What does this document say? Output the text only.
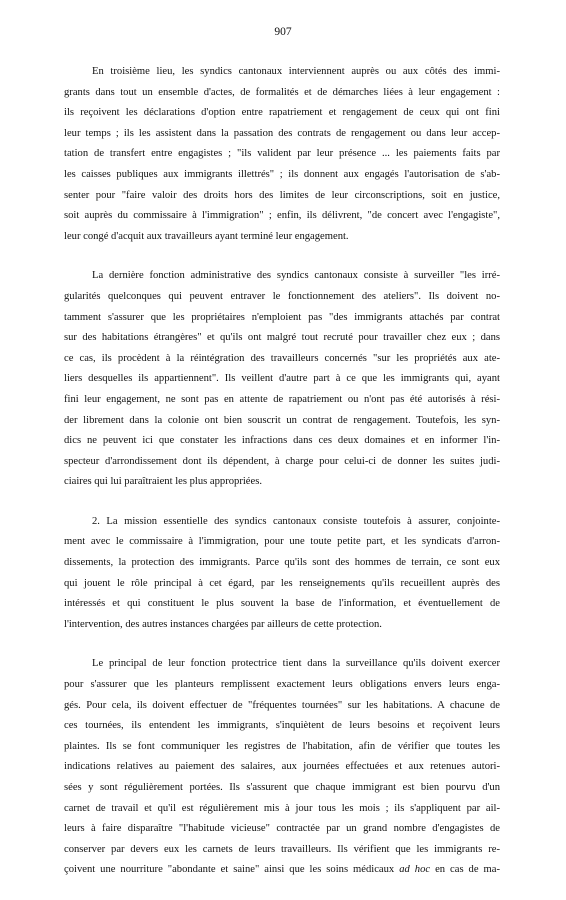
907
En troisième lieu, les syndics cantonaux interviennent auprès ou aux côtés des immi-
grants dans tout un ensemble d'actes, de formalités et de démarches liées à leur engagement :
ils reçoivent les déclarations d'option entre rapatriement et rengagement de ceux qui ont fini
leur temps ; ils les assistent dans la passation des contrats de rengagement ou dans leur accep-
tation de transfert entre engagistes ; "ils valident par leur présence ... les paiements faits par
les caisses publiques aux immigrants illettrés" ; ils donnent aux engagés l'autorisation de s'ab-
senter pour "faire valoir des droits hors des limites de leur circonscriptions, soit en justice,
soit auprès du commissaire à l'immigration" ; enfin, ils délivrent, "de concert avec l'engagiste",
leur congé d'acquit aux travailleurs ayant terminé leur engagement.
La dernière fonction administrative des syndics cantonaux consiste à surveiller "les irré-
gularités quelconques qui peuvent entraver le fonctionnement des ateliers". Ils doivent no-
tamment s'assurer que les propriétaires n'emploient pas "des immigrants attachés par contrat
sur des habitations étrangères" et qu'ils ont malgré tout recruté pour travailler chez eux ; dans
ce cas, ils procèdent à la réintégration des travailleurs concernés "sur les propriétés aux ate-
liers desquelles ils appartiennent". Ils veillent d'autre part à ce que les immigrants qui, ayant
fini leur engagement, ne sont pas en attente de rapatriement ou n'ont pas été autorisés à rési-
der librement dans la colonie ont bien souscrit un contrat de rengagement. Toutefois, les syn-
dics ne peuvent ici que constater les infractions dans ces deux domaines et en informer l'in-
specteur d'arrondissement dont ils dépendent, à charge pour celui-ci de donner les suites judi-
ciaires qui lui paraîtraient les plus appropriées.
2. La mission essentielle des syndics cantonaux consiste toutefois à assurer, conjointe-
ment avec le commissaire à l'immigration, pour une toute petite part, et les syndicats d'arron-
dissements, la protection des immigrants. Parce qu'ils sont des hommes de terrain, ce sont eux
qui jouent le rôle principal à cet égard, par les renseignements qu'ils recueillent auprès des
intéressés et qui constituent le plus souvent la base de l'information, et éventuellement de
l'intervention, des autres instances chargées par ailleurs de cette protection.
Le principal de leur fonction protectrice tient dans la surveillance qu'ils doivent exercer
pour s'assurer que les planteurs remplissent exactement leurs obligations envers leurs enga-
gés. Pour cela, ils doivent effectuer de "fréquentes tournées" sur les habitations. A chacune de
ces tournées, ils entendent les immigrants, s'inquiètent de leurs besoins et reçoivent leurs
plaintes. Ils se font communiquer les registres de l'habitation, afin de vérifier que toutes les
indications relatives au paiement des salaires, aux journées effectuées et aux retenues autori-
sées y sont régulièrement portées. Ils s'assurent que chaque immigrant est bien pourvu d'un
carnet de travail et qu'il est régulièrement mis à jour tous les mois ; ils s'appliquent par ail-
leurs à faire disparaître "l'habitude vicieuse" contractée par un grand nombre d'engagistes de
conserver par devers eux les carnets de leurs travailleurs. Ils vérifient que les immigrants re-
çoivent une nourriture "abondante et saine" ainsi que les soins médicaux ad hoc en cas de ma-
